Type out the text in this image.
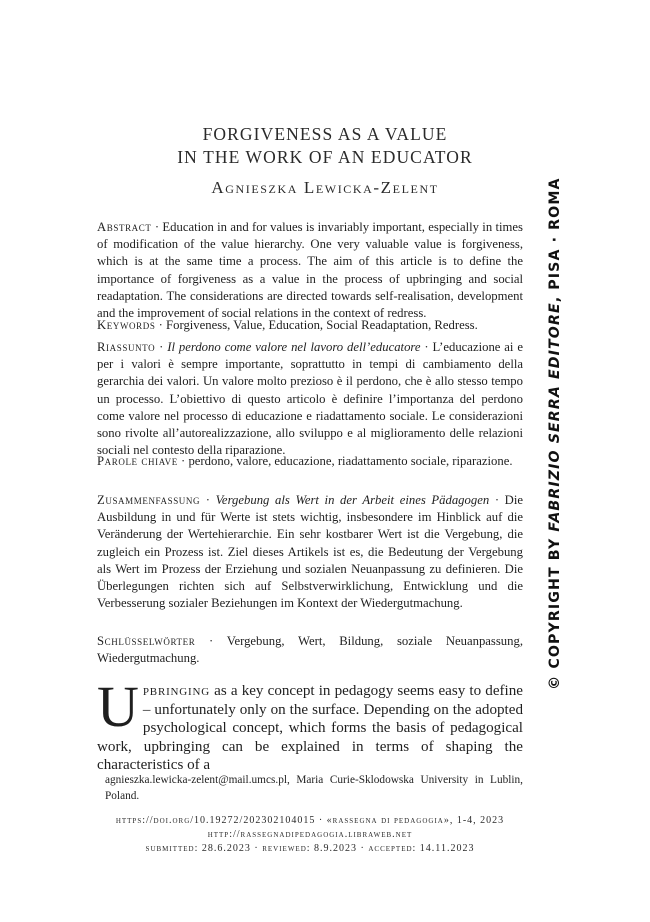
FORGIVENESS AS A VALUE
IN THE WORK OF AN EDUCATOR
Agnieszka Lewicka-Zelent
Abstract · Education in and for values is invariably important, especially in times of modification of the value hierarchy. One very valuable value is forgiveness, which is at the same time a process. The aim of this article is to define the importance of forgiveness as a value in the process of upbringing and social readaptation. The considerations are directed towards self-realisation, development and the improvement of social relations in the context of redress.
Keywords · Forgiveness, Value, Education, Social Readaptation, Redress.
Riassunto · Il perdono come valore nel lavoro dell’educatore · L’educazione ai e per i valori è sempre importante, soprattutto in tempi di cambiamento della gerarchia dei valori. Un valore molto prezioso è il perdono, che è allo stesso tempo un processo. L’obiettivo di questo articolo è definire l’importanza del perdono come valore nel processo di educazione e riadattamento sociale. Le considerazioni sono rivolte all’autorealizzazione, allo sviluppo e al miglioramento delle relazioni sociali nel contesto della riparazione.
Parole chiave · perdono, valore, educazione, riadattamento sociale, riparazione.
Zusammenfassung · Vergebung als Wert in der Arbeit eines Pädagogen · Die Ausbildung in und für Werte ist stets wichtig, insbesondere im Hinblick auf die Veränderung der Wertehierarchie. Ein sehr kostbarer Wert ist die Vergebung, die zugleich ein Prozess ist. Ziel dieses Artikels ist es, die Bedeutung der Vergebung als Wert im Prozess der Erziehung und sozialen Neuanpassung zu definieren. Die Überlegungen richten sich auf Selbstverwirklichung, Entwicklung und die Verbesserung sozialer Beziehungen im Kontext der Wiedergutmachung.
Schlüsselwörter · Vergebung, Wert, Bildung, soziale Neuanpassung, Wiedergutmachung.
Upbringing as a key concept in pedagogy seems easy to define – unfortunately only on the surface. Depending on the adopted psychological concept, which forms the basis of pedagogical work, upbringing can be explained in terms of shaping the characteristics of a
agnieszka.lewicka-zelent@mail.umcs.pl, Maria Curie-Sklodowska University in Lublin, Poland.
https://doi.org/10.19272/202302104015 · «rassegna di pedagogia», 1-4, 2023
http://rassegnadipedagogia.libraweb.net
submitted: 28.6.2023 · reviewed: 8.9.2023 · accepted: 14.11.2023
© COPYRIGHT BY FABRIZIO SERRA EDITORE, PISA · ROMA
